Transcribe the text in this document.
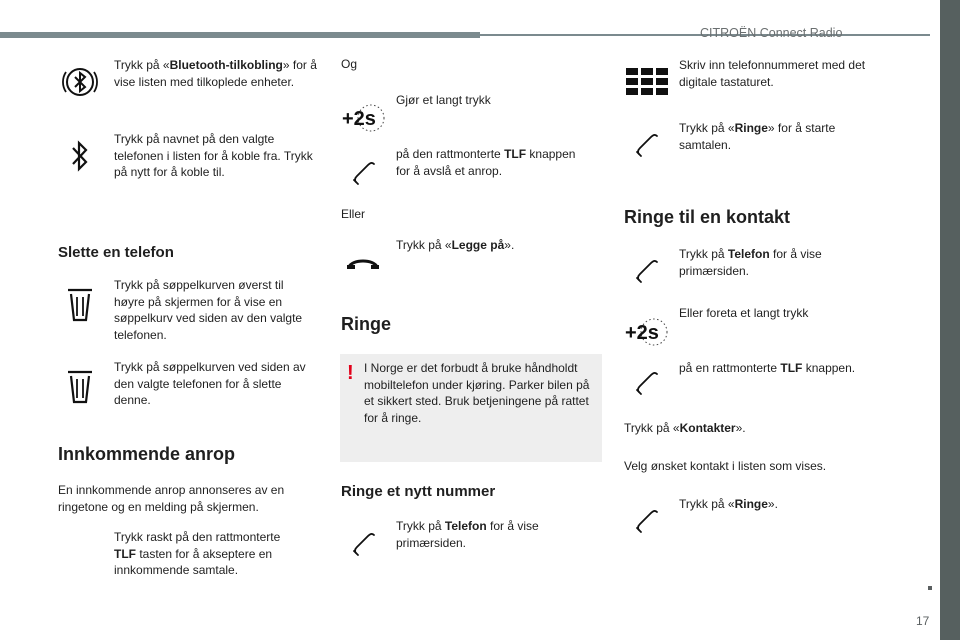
CITROËN Connect Radio
17
Trykk på «Bluetooth-tilkobling» for å vise listen med tilkoplede enheter.
Trykk på navnet på den valgte telefonen i listen for å koble fra. Trykk på nytt for å koble til.
Slette en telefon
Trykk på søppelkurven øverst til høyre på skjermen for å vise en søppelkurv ved siden av den valgte telefonen.
Trykk på søppelkurven ved siden av den valgte telefonen for å slette denne.
Innkommende anrop
En innkommende anrop annonseres av en ringetone og en melding på skjermen.
Trykk raskt på den rattmonterte TLF tasten for å akseptere en innkommende samtale.
Og
+2s
Gjør et langt trykk
på den rattmonterte TLF knappen for å avslå et anrop.
Eller
Trykk på «Legge på».
Ringe
! I Norge er det forbudt å bruke håndholdt mobiltelefon under kjøring. Parker bilen på et sikkert sted. Bruk betjeningene på rattet for å ringe.
Ringe et nytt nummer
Trykk på Telefon for å vise primærsiden.
Skriv inn telefonnummeret med det digitale tastaturet.
Trykk på «Ringe» for å starte samtalen.
Ringe til en kontakt
Trykk på Telefon for å vise primærsiden.
+2s
Eller foreta et langt trykk
på en rattmonterte TLF knappen.
Trykk på «Kontakter».
Velg ønsket kontakt i listen som vises.
Trykk på «Ringe».
